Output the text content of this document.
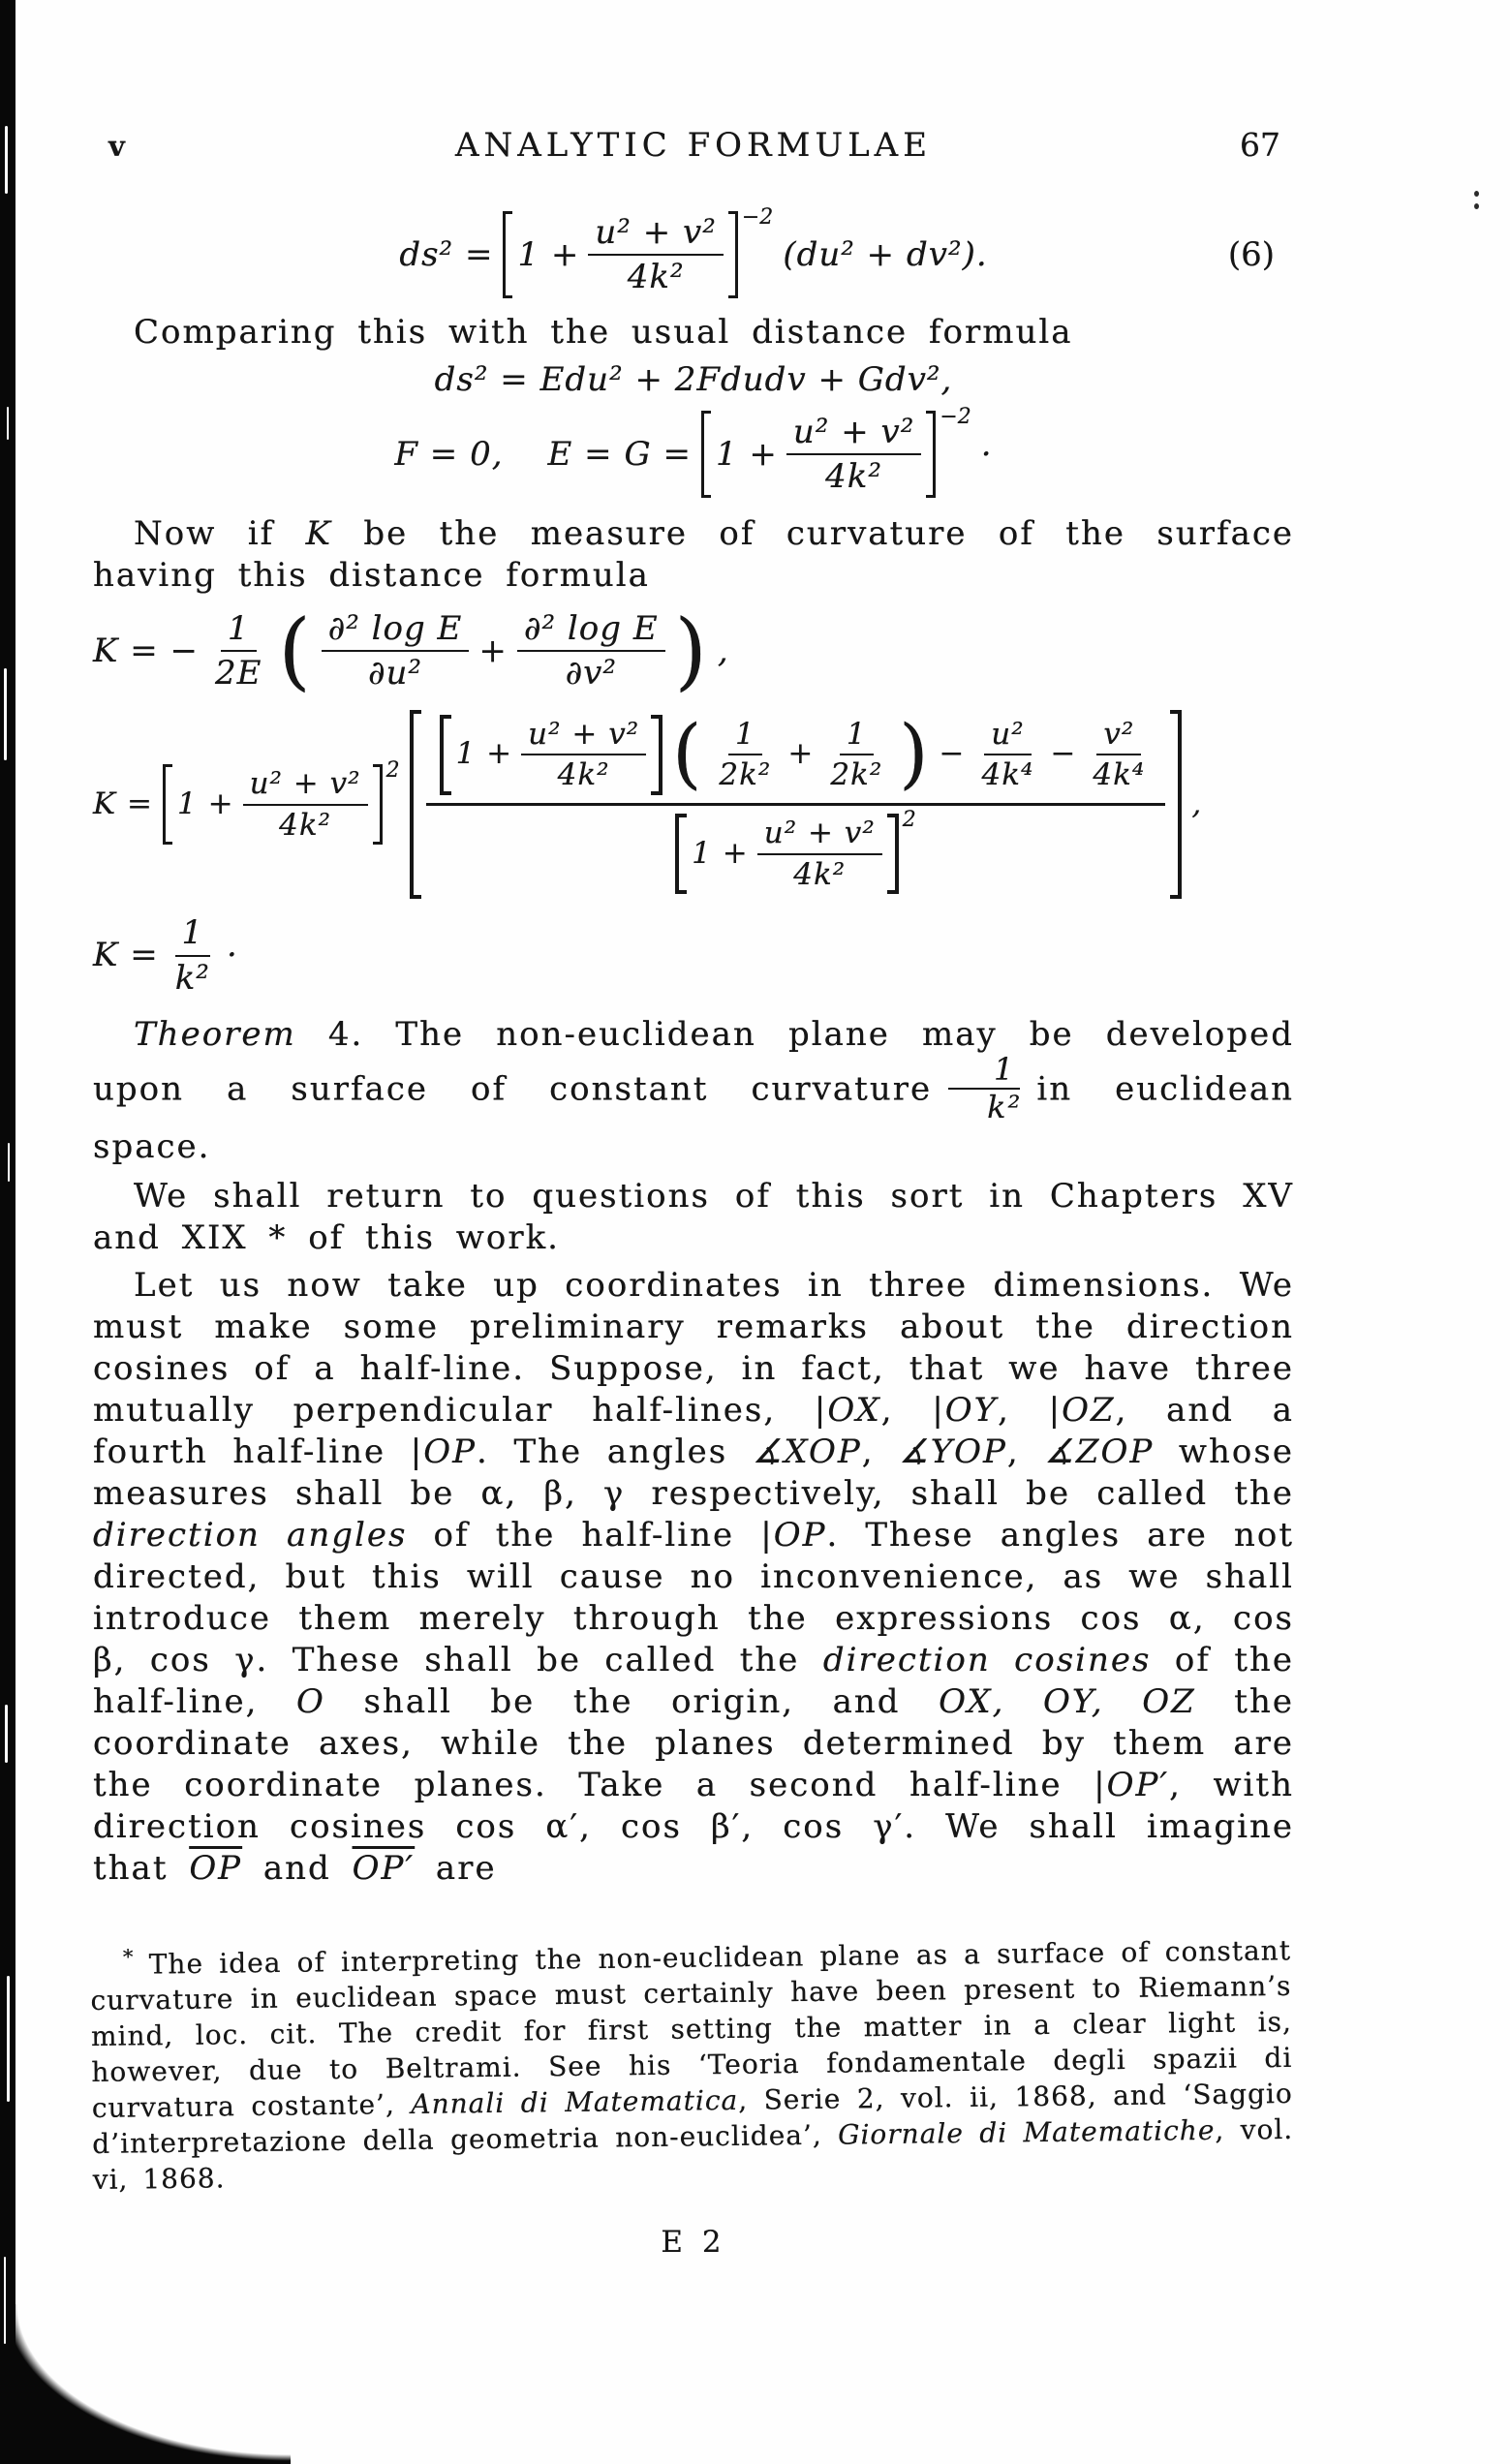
v	ANALYTIC FORMULAE	67
$ds^2 = 1 + \frac{\text{u² + v²}}{\text{4k²}} -2$
(du² + dv²).	(6)

Comparing this with the usual distance formula

ds² = Edu² + 2Fdudv + Gdv²,
F = 0, $E = G = 1 + \frac{\text{u² + v²}}{\text{4k²}} -2$
·

Now if K be the measure of curvature of the surface having this distance formula

K = − $\frac{1}{2E}$ ( $\frac{\text{∂² log E}}{\text{∂u²}} + \frac{\text{∂² log E}}{\text{∂v²}}$ ) ,
$K = 1 + \frac{\text{u² + v²}}{\text{4k²}} 2$ $1 + \frac{\text{u² + v²}}{\text{4k²}}$ ( $\frac{1}{\text{2k²}} + \frac{1}{\text{2k²}}$ ) − $\frac{\text{u²}}{\text{4k⁴}} - \frac{\text{v²}}{\text{4k⁴}}$
$1 + \frac{\text{u² + v²}}{\text{4k²}} 2$	,
$K = \frac{1}{\text{k²}}$ ·

Theorem 4. The non-euclidean plane may be developed upon a surface of constant curvature $\frac{1}{\text{k²}}$ in euclidean space.

We shall return to questions of this sort in Chapters XV and XIX * of this work.

Let us now take up coordinates in three dimensions. We must make some preliminary remarks about the direction cosines of a half-line. Suppose, in fact, that we have three mutually perpendicular half-lines, |OX, |OY, |OZ, and a fourth half-line |OP. The angles ∡XOP, ∡YOP, ∡ZOP whose measures shall be α, β, γ respectively, shall be called the direction angles of the half-line |OP. These angles are not directed, but this will cause no inconvenience, as we shall introduce them merely through the expressions cos α, cos β, cos γ. These shall be called the direction cosines of the half-line, O shall be the origin, and OX, OY, OZ the coordinate axes, while the planes determined by them are the coordinate planes. Take a second half-line |OP′, with direction cosines cos α′, cos β′, cos γ′. We shall imagine that $\overline{OP}$ and OP′ are

* The idea of interpreting the non-euclidean plane as a surface of constant curvature in euclidean space must certainly have been present to Riemann’s mind, loc. cit. The credit for first setting the matter in a clear light is, however, due to Beltrami. See his ‘Teoria fondamentale degli spazii di curvatura costante’, Annali di Matematica, Serie 2, vol. ii, 1868, and ‘Saggio d’interpretazione della geometria non-euclidea’, Giornale di Matematiche, vol. vi, 1868.

E 2
